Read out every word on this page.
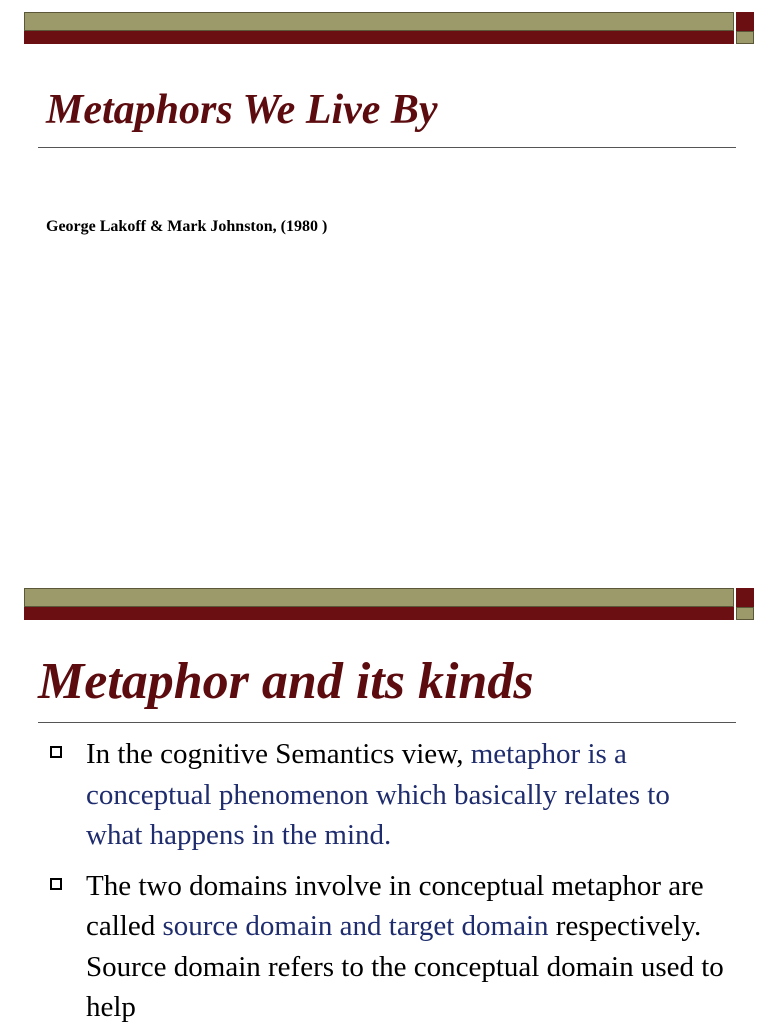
Metaphors We Live By

George Lakoff & Mark Johnston, (1980 )

Metaphor and its kinds
In the cognitive Semantics view, metaphor is a conceptual phenomenon which basically relates to what happens in the mind.
The two domains involve in conceptual metaphor are called source domain and target domain respectively. Source domain refers to the conceptual domain used to help
